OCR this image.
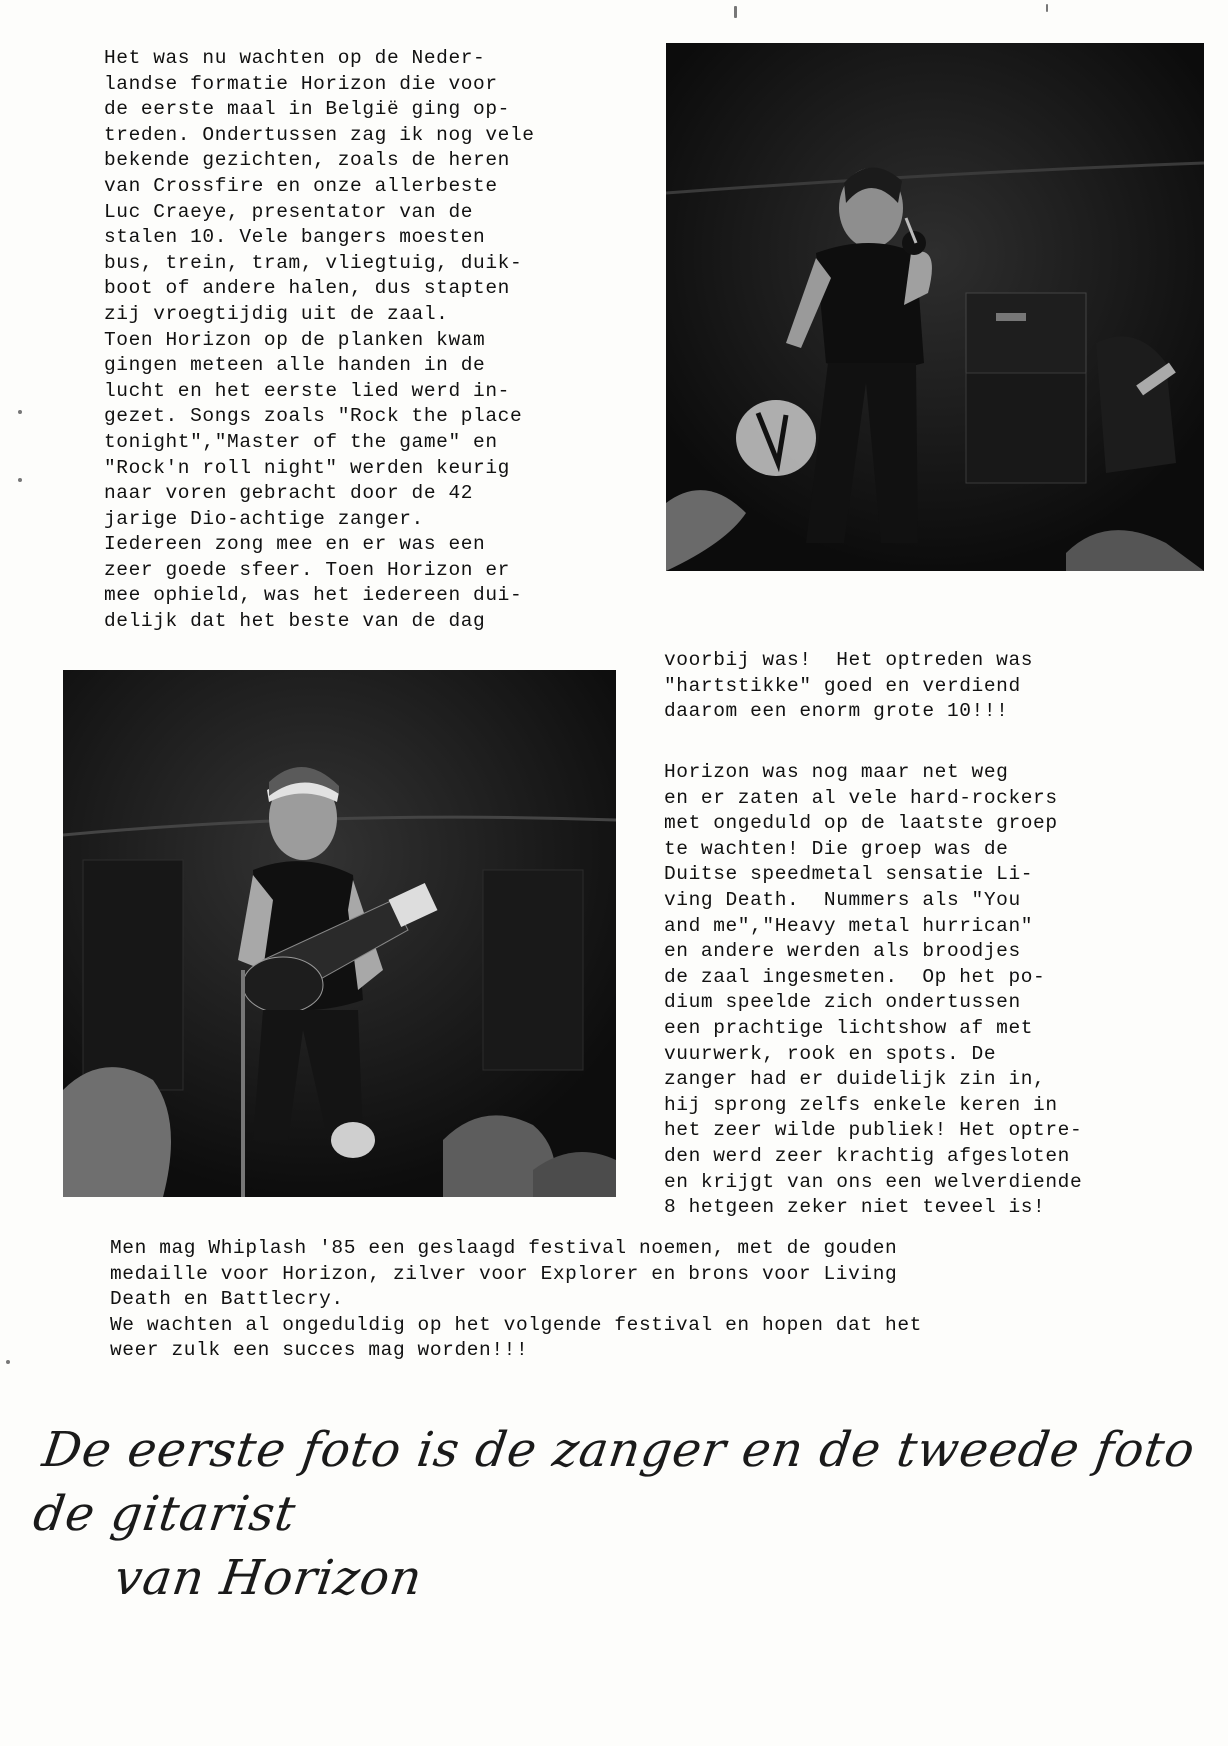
Het was nu wachten op de Neder-
landse formatie Horizon die voor
de eerste maal in België ging op-
treden. Ondertussen zag ik nog vele
bekende gezichten, zoals de heren
van Crossfire en onze allerbeste
Luc Craeye, presentator van de
stalen 10. Vele bangers moesten
bus, trein, tram, vliegtuig, duik-
boot of andere halen, dus stapten
zij vroegtijdig uit de zaal.
Toen Horizon op de planken kwam
gingen meteen alle handen in de
lucht en het eerste lied werd in-
gezet. Songs zoals "Rock the place
tonight","Master of the game" en
"Rock'n roll night" werden keurig
naar voren gebracht door de 42
jarige Dio-achtige zanger.
Iedereen zong mee en er was een
zeer goede sfeer. Toen Horizon er
mee ophield, was het iedereen dui-
delijk dat het beste van de dag
voorbij was!  Het optreden was
"hartstikke" goed en verdiend
daarom een enorm grote 10!!!
Horizon was nog maar net weg
en er zaten al vele hard-rockers
met ongeduld op de laatste groep
te wachten! Die groep was de
Duitse speedmetal sensatie Li-
ving Death.  Nummers als "You
and me","Heavy metal hurrican"
en andere werden als broodjes
de zaal ingesmeten.  Op het po-
dium speelde zich ondertussen
een prachtige lichtshow af met
vuurwerk, rook en spots. De
zanger had er duidelijk zin in,
hij sprong zelfs enkele keren in
het zeer wilde publiek! Het optre-
den werd zeer krachtig afgesloten
en krijgt van ons een welverdiende
8 hetgeen zeker niet teveel is!
Men mag Whiplash '85 een geslaagd festival noemen, met de gouden
medaille voor Horizon, zilver voor Explorer en brons voor Living
Death en Battlecry.
We wachten al ongeduldig op het volgende festival en hopen dat het
weer zulk een succes mag worden!!!
De eerste foto is de zanger en de tweede foto de gitarist
van Horizon
